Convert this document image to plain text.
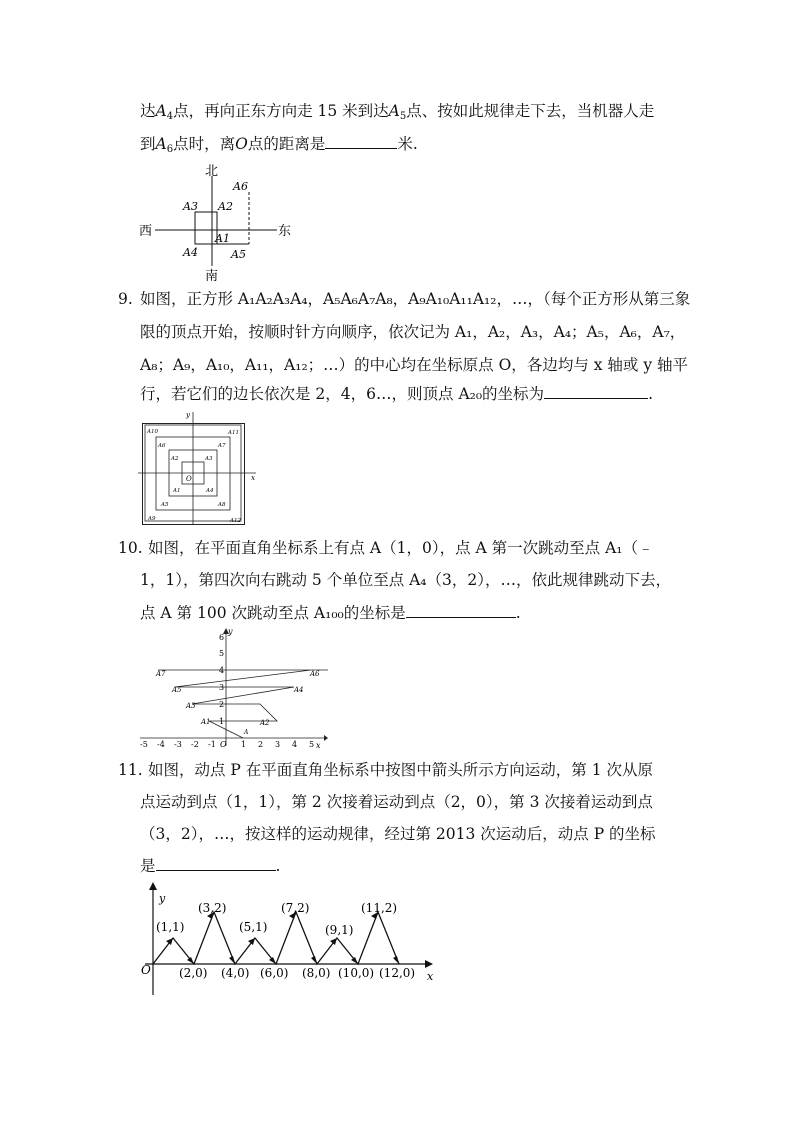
达$A_4$点，再向正东方向走 15 米到达$A_5$点、按如此规律走下去，当机器人走
到$A_6$点时，离O点的距离是	米.
北
南
西	东
A6
A3 A2
A1
A4	A5
9. 如图，正方形 A₁A₂A₃A₄，A₅A₆A₇A₈，A₉A₁₀A₁₁A₁₂，…，（每个正方形从第三象
限的顶点开始，按顺时针方向顺序，依次记为 A₁，A₂，A₃，A₄；A₅，A₆，A₇，
A₈；A₉，A₁₀，A₁₁，A₁₂；…）的中心均在坐标原点 O，各边均与 x 轴或 y 轴平
行，若它们的边长依次是 2，4，6…，则顶点 A₂₀的坐标为	.
y
x
O
A10	A11
A6	A7
A2	A3
A1	A4
A5	A8
A9	A12
10. 如图，在平面直角坐标系上有点 A（1，0），点 A 第一次跳动至点 A₁（﹣
1，1），第四次向右跳动 5 个单位至点 A₄（3，2），…，依此规律跳动下去，
点 A 第 100 次跳动至点 A₁₀₀的坐标是	.
y
x
O
A
-5 -4 -3 -2 -1	1 2 3 4 5
1
2
3
4
5
6
A7	A6
A5	A4
A3
A2
A1
11. 如图，动点 P 在平面直角坐标系中按图中箭头所示方向运动，第 1 次从原
点运动到点（1，1），第 2 次接着运动到点（2，0），第 3 次接着运动到点
（3，2），…，按这样的运动规律，经过第 2013 次运动后，动点 P 的坐标
是	.
y
x
O
(1,1)
(3,2)
(5,1)
(7,2)
(9,1)
(11,2)
(2,0) (4,0) (6,0) (8,0) (10,0) (12,0)
